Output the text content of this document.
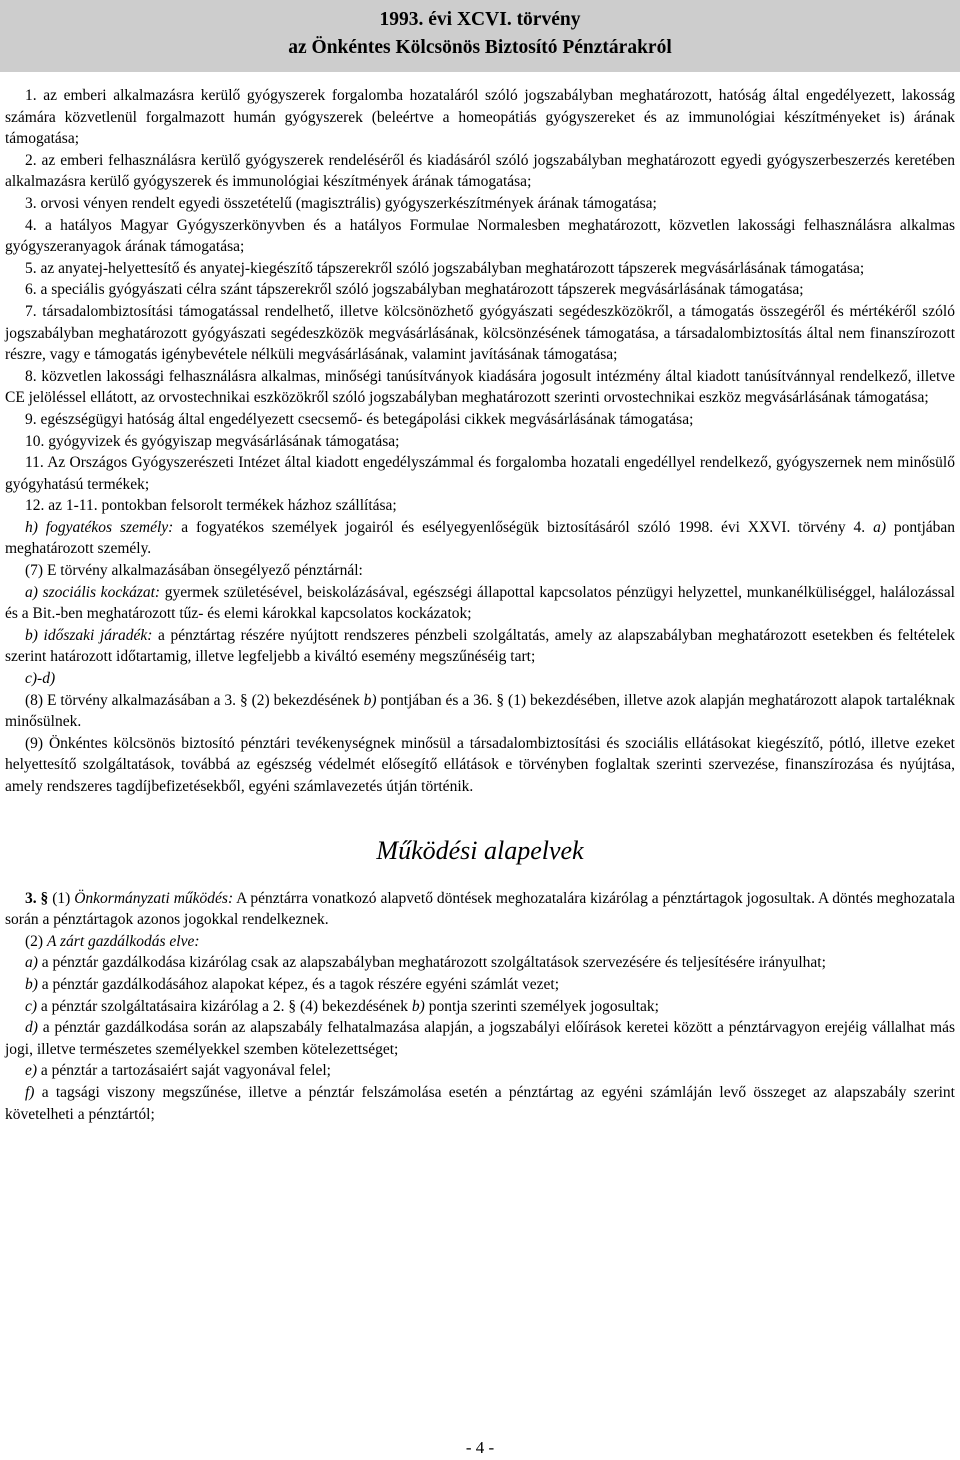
1993. évi XCVI. törvény
az Önkéntes Kölcsönös Biztosító Pénztárakról

1. az emberi alkalmazásra kerülő gyógyszerek forgalomba hozataláról szóló jogszabályban meghatározott, hatóság által engedélyezett, lakosság számára közvetlenül forgalmazott humán gyógyszerek (beleértve a homeopátiás gyógyszereket és az immunológiai készítményeket is) árának támogatása;

2. az emberi felhasználásra kerülő gyógyszerek rendeléséről és kiadásáról szóló jogszabályban meghatározott egyedi gyógyszerbeszerzés keretében alkalmazásra kerülő gyógyszerek és immunológiai készítmények árának támogatása;

3. orvosi vényen rendelt egyedi összetételű (magisztrális) gyógyszerkészítmények árának támogatása;

4. a hatályos Magyar Gyógyszerkönyvben és a hatályos Formulae Normalesben meghatározott, közvetlen lakossági felhasználásra alkalmas gyógyszeranyagok árának támogatása;

5. az anyatej-helyettesítő és anyatej-kiegészítő tápszerekről szóló jogszabályban meghatározott tápszerek megvásárlásának támogatása;

6. a speciális gyógyászati célra szánt tápszerekről szóló jogszabályban meghatározott tápszerek megvásárlásának támogatása;

7. társadalombiztosítási támogatással rendelhető, illetve kölcsönözhető gyógyászati segédeszközökről, a támogatás összegéről és mértékéről szóló jogszabályban meghatározott gyógyászati segédeszközök megvásárlásának, kölcsönzésének támogatása, a társadalombiztosítás által nem finanszírozott részre, vagy e támogatás igénybevétele nélküli megvásárlásának, valamint javításának támogatása;

8. közvetlen lakossági felhasználásra alkalmas, minőségi tanúsítványok kiadására jogosult intézmény által kiadott tanúsítvánnyal rendelkező, illetve CE jelöléssel ellátott, az orvostechnikai eszközökről szóló jogszabályban meghatározott szerinti orvostechnikai eszköz megvásárlásának támogatása;

9. egészségügyi hatóság által engedélyezett csecsemő- és betegápolási cikkek megvásárlásának támogatása;

10. gyógyvizek és gyógyiszap megvásárlásának támogatása;

11. Az Országos Gyógyszerészeti Intézet által kiadott engedélyszámmal és forgalomba hozatali engedéllyel rendelkező, gyógyszernek nem minősülő gyógyhatású termékek;

12. az 1-11. pontokban felsorolt termékek házhoz szállítása;

h) fogyatékos személy: a fogyatékos személyek jogairól és esélyegyenlőségük biztosításáról szóló 1998. évi XXVI. törvény 4. a) pontjában meghatározott személy.

(7) E törvény alkalmazásában önsegélyező pénztárnál:

a) szociális kockázat: gyermek születésével, beiskolázásával, egészségi állapottal kapcsolatos pénzügyi helyzettel, munkanélküliséggel, halálozással és a Bit.-ben meghatározott tűz- és elemi károkkal kapcsolatos kockázatok;

b) időszaki járadék: a pénztártag részére nyújtott rendszeres pénzbeli szolgáltatás, amely az alapszabályban meghatározott esetekben és feltételek szerint határozott időtartamig, illetve legfeljebb a kiváltó esemény megszűnéséig tart;

c)-d)

(8) E törvény alkalmazásában a 3. § (2) bekezdésének b) pontjában és a 36. § (1) bekezdésében, illetve azok alapján meghatározott alapok tartaléknak minősülnek.

(9) Önkéntes kölcsönös biztosító pénztári tevékenységnek minősül a társadalombiztosítási és szociális ellátásokat kiegészítő, pótló, illetve ezeket helyettesítő szolgáltatások, továbbá az egészség védelmét elősegítő ellátások e törvényben foglaltak szerinti szervezése, finanszírozása és nyújtása, amely rendszeres tagdíjbefizetésekből, egyéni számlavezetés útján történik.

Működési alapelvek

3. § (1) Önkormányzati működés: A pénztárra vonatkozó alapvető döntések meghozatalára kizárólag a pénztártagok jogosultak. A döntés meghozatala során a pénztártagok azonos jogokkal rendelkeznek.

(2) A zárt gazdálkodás elve:

a) a pénztár gazdálkodása kizárólag csak az alapszabályban meghatározott szolgáltatások szervezésére és teljesítésére irányulhat;

b) a pénztár gazdálkodásához alapokat képez, és a tagok részére egyéni számlát vezet;

c) a pénztár szolgáltatásaira kizárólag a 2. § (4) bekezdésének b) pontja szerinti személyek jogosultak;

d) a pénztár gazdálkodása során az alapszabály felhatalmazása alapján, a jogszabályi előírások keretei között a pénztárvagyon erejéig vállalhat más jogi, illetve természetes személyekkel szemben kötelezettséget;

e) a pénztár a tartozásaiért saját vagyonával felel;

f) a tagsági viszony megszűnése, illetve a pénztár felszámolása esetén a pénztártag az egyéni számláján levő összeget az alapszabály szerint követelheti a pénztártól;

- 4 -
